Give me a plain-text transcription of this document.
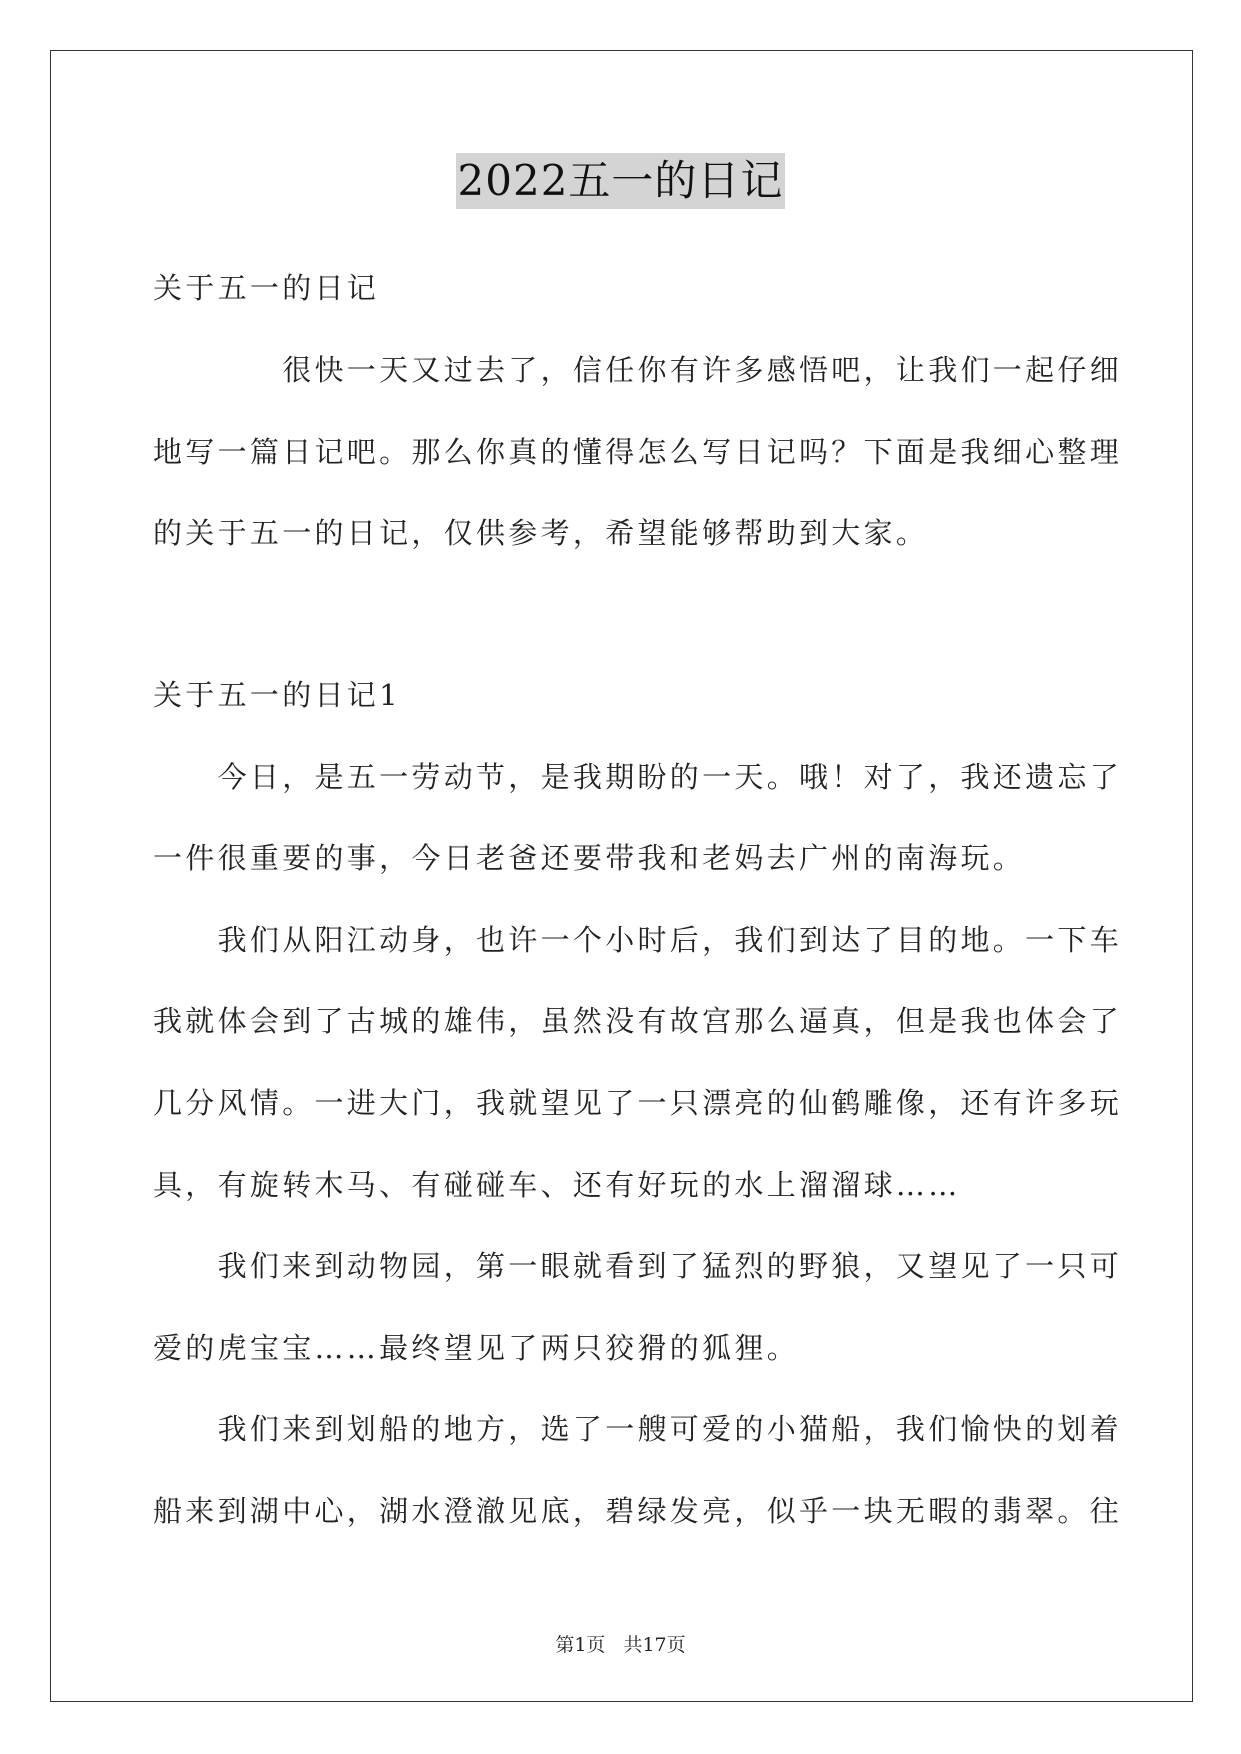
2022五一的日记
关于五一的日记
　　　　很快一天又过去了，信任你有许多感悟吧，让我们一起仔细
地写一篇日记吧。那么你真的懂得怎么写日记吗？下面是我细心整理
的关于五一的日记，仅供参考，希望能够帮助到大家。
关于五一的日记1
　　今日，是五一劳动节，是我期盼的一天。哦！对了，我还遗忘了
一件很重要的事，今日老爸还要带我和老妈去广州的南海玩。
　　我们从阳江动身，也许一个小时后，我们到达了目的地。一下车
我就体会到了古城的雄伟，虽然没有故宫那么逼真，但是我也体会了
几分风情。一进大门，我就望见了一只漂亮的仙鹤雕像，还有许多玩
具，有旋转木马、有碰碰车、还有好玩的水上溜溜球……
　　我们来到动物园，第一眼就看到了猛烈的野狼，又望见了一只可
爱的虎宝宝……最终望见了两只狡猾的狐狸。
　　我们来到划船的地方，选了一艘可爱的小猫船，我们愉快的划着
船来到湖中心，湖水澄澈见底，碧绿发亮，似乎一块无暇的翡翠。往
第1页 共17页
